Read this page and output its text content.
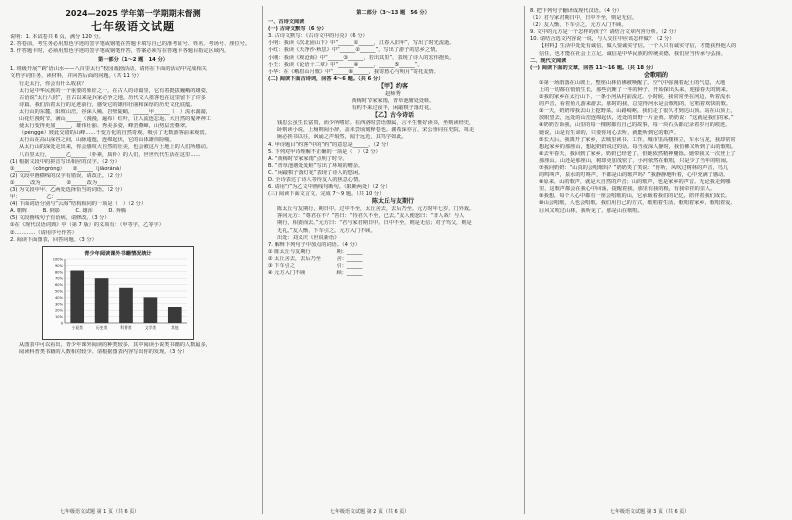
2024—2025 学年第一学期期末督测
七年级语文试题
说明：1. 本试卷共 6 页，满分 120 分。
2. 答卷前，考生务必用黑色字迹的签字笔或钢笔在答题卡填写自己的准考证号、姓名、考场号、座位号。
3. 作答题卡时，必须用黑色字迹的签字笔或钢笔作答，答案必须写在答题卡各题目指定区域内。
第一部分（1～2 题　14 分）
1. 班级开展“‘跨’语山水——八百里太行”校园戏剧活动，请你在下面的活动中完成相关
文档字词任务，读材料，并回答后面的问题。（共 11 分）
行走太行，你会有什么收获？
太行是中华民族的一个重要的象征之一。在古人的诗篇里，它有着挺拔巍峨的雄姿，
古语说“太行八陉”，自古以来是兵家必争之地。历代文人墨客也在这里留下了许多
诗篇。我们沿着太行的足迹前行，感受它的雄伟壮丽和深厚的历史文化底蕴。
太行山的东麓，阳坡山峦，谷深人稀，岩壁陡峭，______甲______（　）流水潺潺，
山花烂漫时节，满山______（漫漫，遍布）红叶，让人流连忘返。大自然的鬼斧神工
使太行变得更加______，雄伟壮丽、秀美多姿，峰峦叠嶂，山势层峦叠翠。
（pénggé）彼此交错的山峰……千变万化的自然奇观，吸引了无数游客前来观赏。
太行山在高山深谷之间，山脉逶迤，连绵起伏，它的山体雄伟险峻。
从太行山的深处走出来，你会感叹大自然的壮美，也会被这片土地上的人们所感动。
八百里太行，______乙______（朴素，质朴）的人们，世世代代生活在这里……
(1) 根据文段中的拼音写出相应的汉字。（2 分）
①______（cōngróng）　　②______（jiāoránà）
(2) 文段中画横线的汉字有错误，请改正。（2 分）
①______改为______　　②______改为______
(3) 为文段中甲、乙两处选择恰当的词语。（2 分）
甲：______　　乙：______
(4) 下面词语分别与“云海”结构相同的一项是（　）（2 分）
A. 朝晖　　　B. 倒影　　　C. 雄浑　　　D. 奔腾
(5) 文段画线句子有语病，请修改。（3 分）
①在《现代汉语词典》中（第 7 版）的义项有：（甲等字，乙等字）
②…………（请用序号作答）
2. 阅读下面图表，回答问题。（3 分）
青少年阅读课外书籍情况统计
100%
90%
80%
70%
60%
50%
40%
30%
20%
10%
0
小说类	历史类	科普类	文学类	其他
从图表中可以看出，青少年课外阅读的种类较多，其中阅读小说类书籍的人数最多，
阅读科普类书籍的人数相对较少。请根据图表内容写出你的发现。（3 分）
七年级语文试题 第 1 页（共 6 页）
第二部分（3～13 题　56 分）
一、古诗文阅读
(一) 古诗文默写（6 分）
3. 古诗文默写：《古诗文中的月亮》（6 分）
小明：我读《次北固山下》中“______①______，江春入旧年”，写出了时光流逝。
小红：我读《天净沙·秋思》中“______②______”，写出了游子的思乡之情。
小刚：我读《观沧海》中“______③______，若出其里”，表现了诗人的宏伟抱负。
小王：我读《论语十二章》中“______④______，______⑤______”。
小华：在《峨眉山月歌》中“______⑥______，我寄愁心与明月”寄托友情。
(二) 阅读下面古诗词，回答 4～6 题。（共 6 分）
【甲】约客
赵师秀
黄梅时节家家雨，青草池塘处处蛙。
有约不来过夜半，闲敲棋子落灯花。
【乙】古今诗话
钱思公虽生长富贵，而少所嗜好。在西洛时尝语僚属，言平生惟好读书，坐则读经史，
卧则读小说，上厕则阅小辞，盖未尝顷刻释卷也。谢希深亦言，宋公垂同在史院，每走
厕必挟书以往，讽诵之声琅然，闻于远近，其笃学如此。
4. 甲诗题目“约客”中的“约”的意思是______。（2 分）
5. 下列对甲诗理解不正确的一项是（　）（2 分）
A. “黄梅时节家家雨”点明了时令。
B. “青草池塘处处蛙”写出了环境的嘈杂。
C. “闲敲棋子落灯花”表现了诗人的悠闲。
D. 全诗表达了诗人等待友人的焦急心情。
6. 请用“/”为乙文中画线句断句。（限断两处）（2 分）
(三) 阅读下面文言文，完成 7～9 题。（共 10 分）
陈太丘与友期行
陈太丘与友期行，期日中。过中不至，太丘舍去，去后乃至。元方时年七岁，门外戏。
客问元方：“尊君在不？”答曰：“待君久不至，已去。”友人便怒曰：“非人哉！与人
期行，相委而去。”元方曰：“君与家君期日中。日中不至，则是无信；对子骂父，则是
无礼。”友人惭，下车引之。元方入门不顾。
出处：刘义庆《世说新语》
7. 解释下列句子中加点的词语。（4 分）
① 陈太丘与友期行　　　　　期：______
② 太丘舍去，去后乃至　　　舍：______
③ 下车引之　　　　　　　　引：______
④ 元方入门不顾　　　　　　顾：______
七年级语文试题 第 2 页（共 6 页）
8. 把下列句子翻译成现代汉语。（4 分）
（1）君与家君期日中，日中不至，则是无信。
（2）友人惭，下车引之，元方入门不顾。
9. 文中的元方是一个怎样的孩子？请结合文章内容分析。（2 分）
10. 请结合选文内容说一说，与人交往中应该怎样做？（2 分）
【材料】生活中处处有诚信，做人要诚实守信。一个人只有诚实守信，才能获得他人的
信任，也才能在社会上立足。诚信是中华民族的传统美德，我们应当传承与弘扬。
二、现代文阅读
(一) 阅读下面的文章，回答 11～16 题。（共 18 分）
会歌唱的
①第一场雨落在山坡上，整座山林仿佛被唤醒了。空气中弥漫着泥土的气息，大地
上的一切都在悄悄生长，那些沉睡了一冬的种子，开始探出头来，迎接春天的到来。
②我的家乡在太行山下，一条小河从村前流过。小时候，我常常坐在河边，听着流水
的声音，看着鱼儿游来游去。那时的我，总觉得河水是会歌唱的，它唱着欢快的歌。
③一天，奶奶带我去山上挖野菜。山路崎岖，我们走了很久才到达山顶。站在山顶上，
放眼望去，远处的山峦连绵起伏，近处的田野一片金黄。奶奶说：“这就是我们的家。”
④奶奶告诉我，山里的每一棵树都有自己的故事，每一块石头都记录着岁月的痕迹。
她说，山是有生命的，只要你用心去听，就能听到它的歌声。
⑤长大后，我离开了家乡，去城里读书、工作。城市里高楼林立，车水马龙，我却常常
想起家乡的那座山，想起奶奶说过的话。每当夜深人静时，我仿佛又听到了山的歌唱。
⑥去年春天，我回到了家乡。奶奶已经老了，但她依然精神矍铄。她带我又一次登上了
那座山。山还是那座山，树却更加茂密了，小河依然在歌唱，只是少了当年的喧闹。
⑦我问奶奶：“山真的会唱歌吗？”奶奶笑了笑说：“你听，风吹过树林的声音，鸟儿
的鸣叫声，泉水的叮咚声，不都是山的歌声吗？”我静静地听着，心中充满了感动。
⑧原来，山的歌声，就是大自然的声音；山的歌声，也是家乡的声音。无论我走到哪
里，这歌声都会在我心中回荡，提醒着我，那里有我的根，有我牵挂的亲人。
⑨我想，每个人心中都有一座会唱歌的山，它承载着我们的记忆，陪伴着我们成长。
⑩山会唱歌，人也会唱歌。我们用自己的方式，歌唱着生活，歌唱着家乡，歌唱着爱。
⑪风又吹过山林，我听见了，那是山在歌唱。
七年级语文试题 第 3 页（共 6 页）
